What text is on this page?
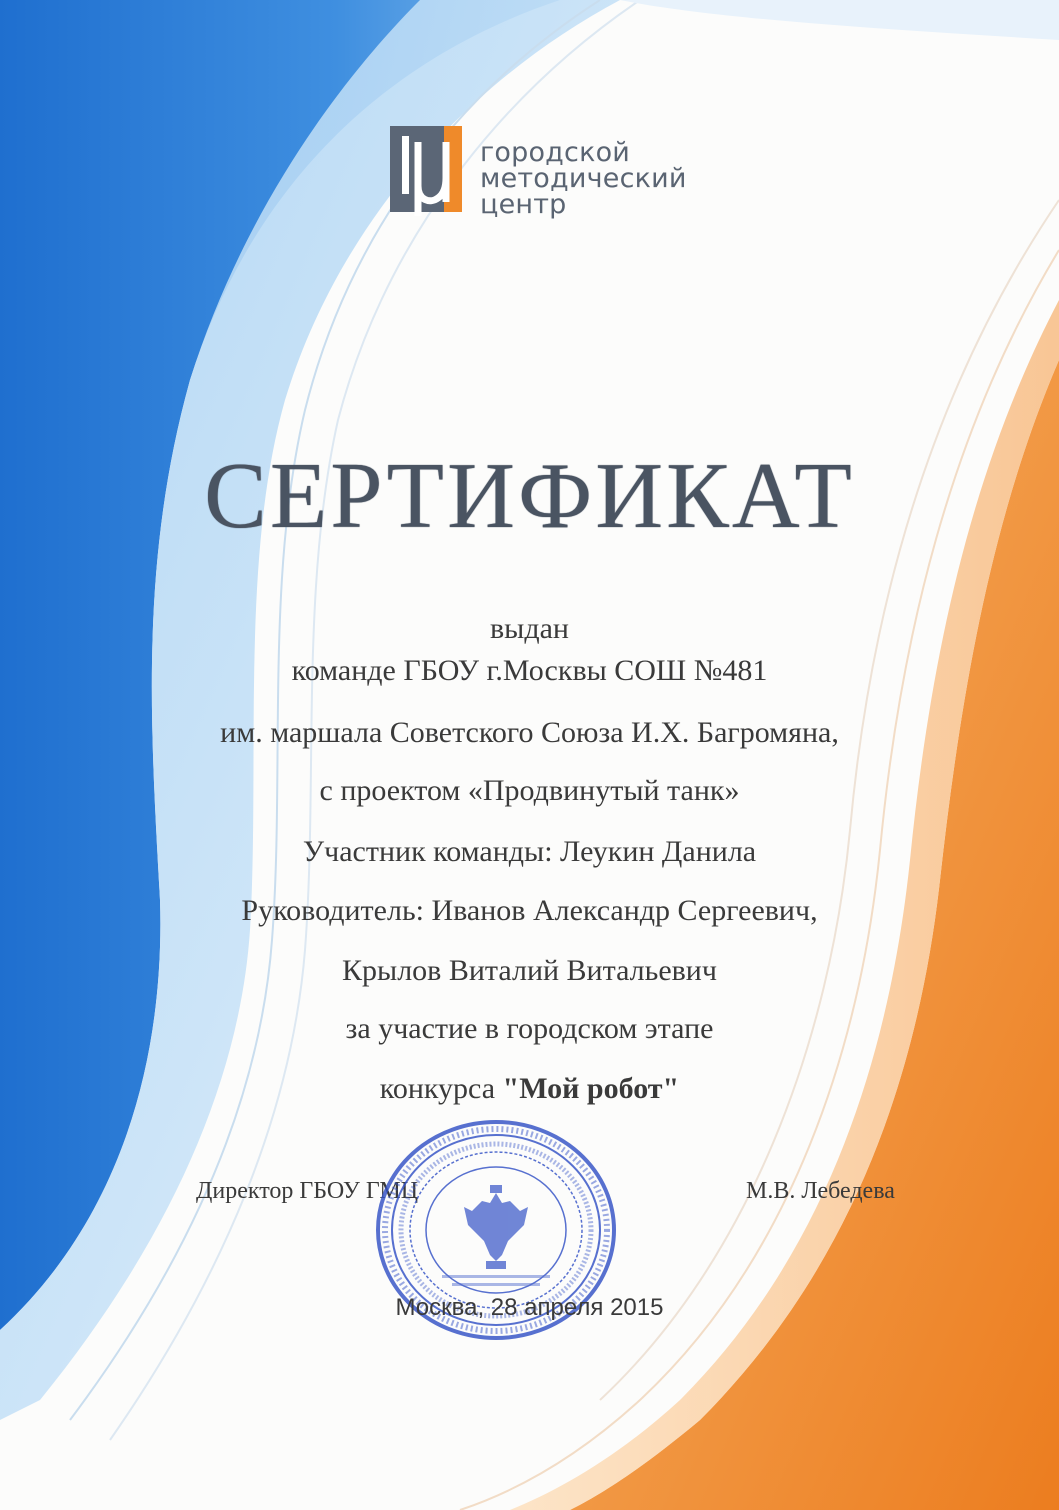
городской
методический
центр
СЕРТИФИКАТ
выдан
команде ГБОУ г.Москвы СОШ №481
им. маршала Советского Союза И.Х. Багромяна,
с проектом «Продвинутый танк»
Участник команды: Леукин Данила
Руководитель: Иванов Александр Сергеевич,
Крылов Виталий Витальевич
за участие в городском этапе
конкурса "Мой робот"
Директор ГБОУ ГМЦ	М.В. Лебедева
Москва, 28 апреля 2015
